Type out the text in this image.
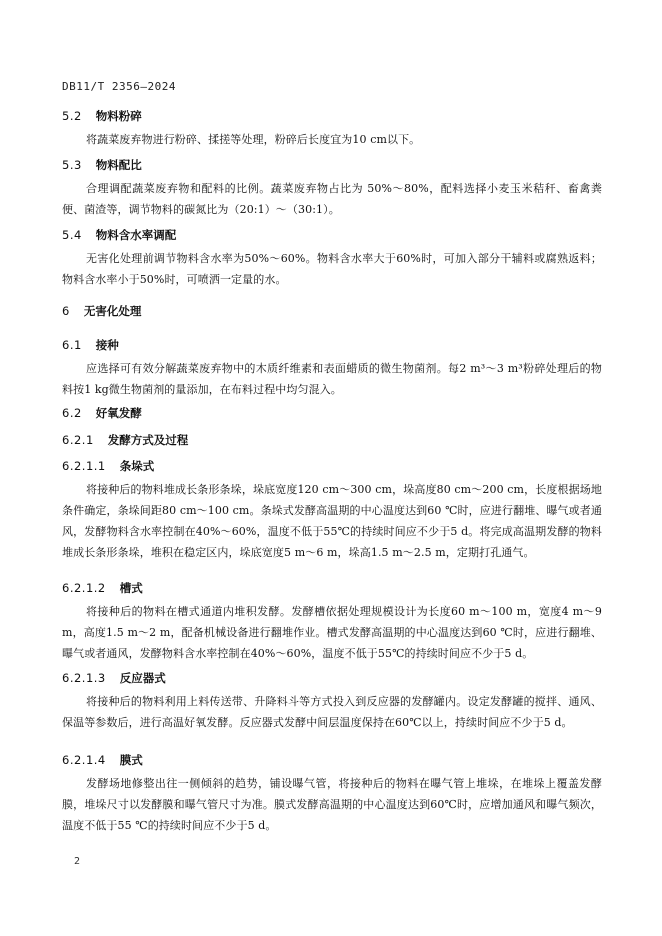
DB11/T 2356—2024
5.2 物料粉碎
将蔬菜废弃物进行粉碎、揉搓等处理，粉碎后长度宜为10 cm以下。
5.3 物料配比
合理调配蔬菜废弃物和配料的比例。蔬菜废弃物占比为 50%～80%，配料选择小麦玉米秸秆、畜禽粪便、菌渣等，调节物料的碳氮比为（20:1）～（30:1）。
5.4 物料含水率调配
无害化处理前调节物料含水率为50%～60%。物料含水率大于60%时，可加入部分干辅料或腐熟返料；物料含水率小于50%时，可喷洒一定量的水。
6 无害化处理
6.1 接种
应选择可有效分解蔬菜废弃物中的木质纤维素和表面蜡质的微生物菌剂。每2 m³～3 m³粉碎处理后的物料按1 kg微生物菌剂的量添加，在布料过程中均匀混入。
6.2 好氧发酵
6.2.1 发酵方式及过程
6.2.1.1 条垛式
将接种后的物料堆成长条形条垛，垛底宽度120 cm～300 cm，垛高度80 cm～200 cm，长度根据场地条件确定，条垛间距80 cm～100 cm。条垛式发酵高温期的中心温度达到60 ℃时，应进行翻堆、曝气或者通风，发酵物料含水率控制在40%～60%，温度不低于55℃的持续时间应不少于5 d。将完成高温期发酵的物料堆成长条形条垛，堆积在稳定区内，垛底宽度5 m～6 m，垛高1.5 m～2.5 m，定期打孔通气。
6.2.1.2 槽式
将接种后的物料在槽式通道内堆积发酵。发酵槽依据处理规模设计为长度60 m～100 m，宽度4 m～9 m，高度1.5 m～2 m，配备机械设备进行翻堆作业。槽式发酵高温期的中心温度达到60 ℃时，应进行翻堆、曝气或者通风，发酵物料含水率控制在40%～60%，温度不低于55℃的持续时间应不少于5 d。
6.2.1.3 反应器式
将接种后的物料利用上料传送带、升降料斗等方式投入到反应器的发酵罐内。设定发酵罐的搅拌、通风、保温等参数后，进行高温好氧发酵。反应器式发酵中间层温度保持在60℃以上，持续时间应不少于5 d。
6.2.1.4 膜式
发酵场地修整出往一侧倾斜的趋势，铺设曝气管，将接种后的物料在曝气管上堆垛，在堆垛上覆盖发酵膜，堆垛尺寸以发酵膜和曝气管尺寸为准。膜式发酵高温期的中心温度达到60℃时，应增加通风和曝气频次，温度不低于55 ℃的持续时间应不少于5 d。
2
